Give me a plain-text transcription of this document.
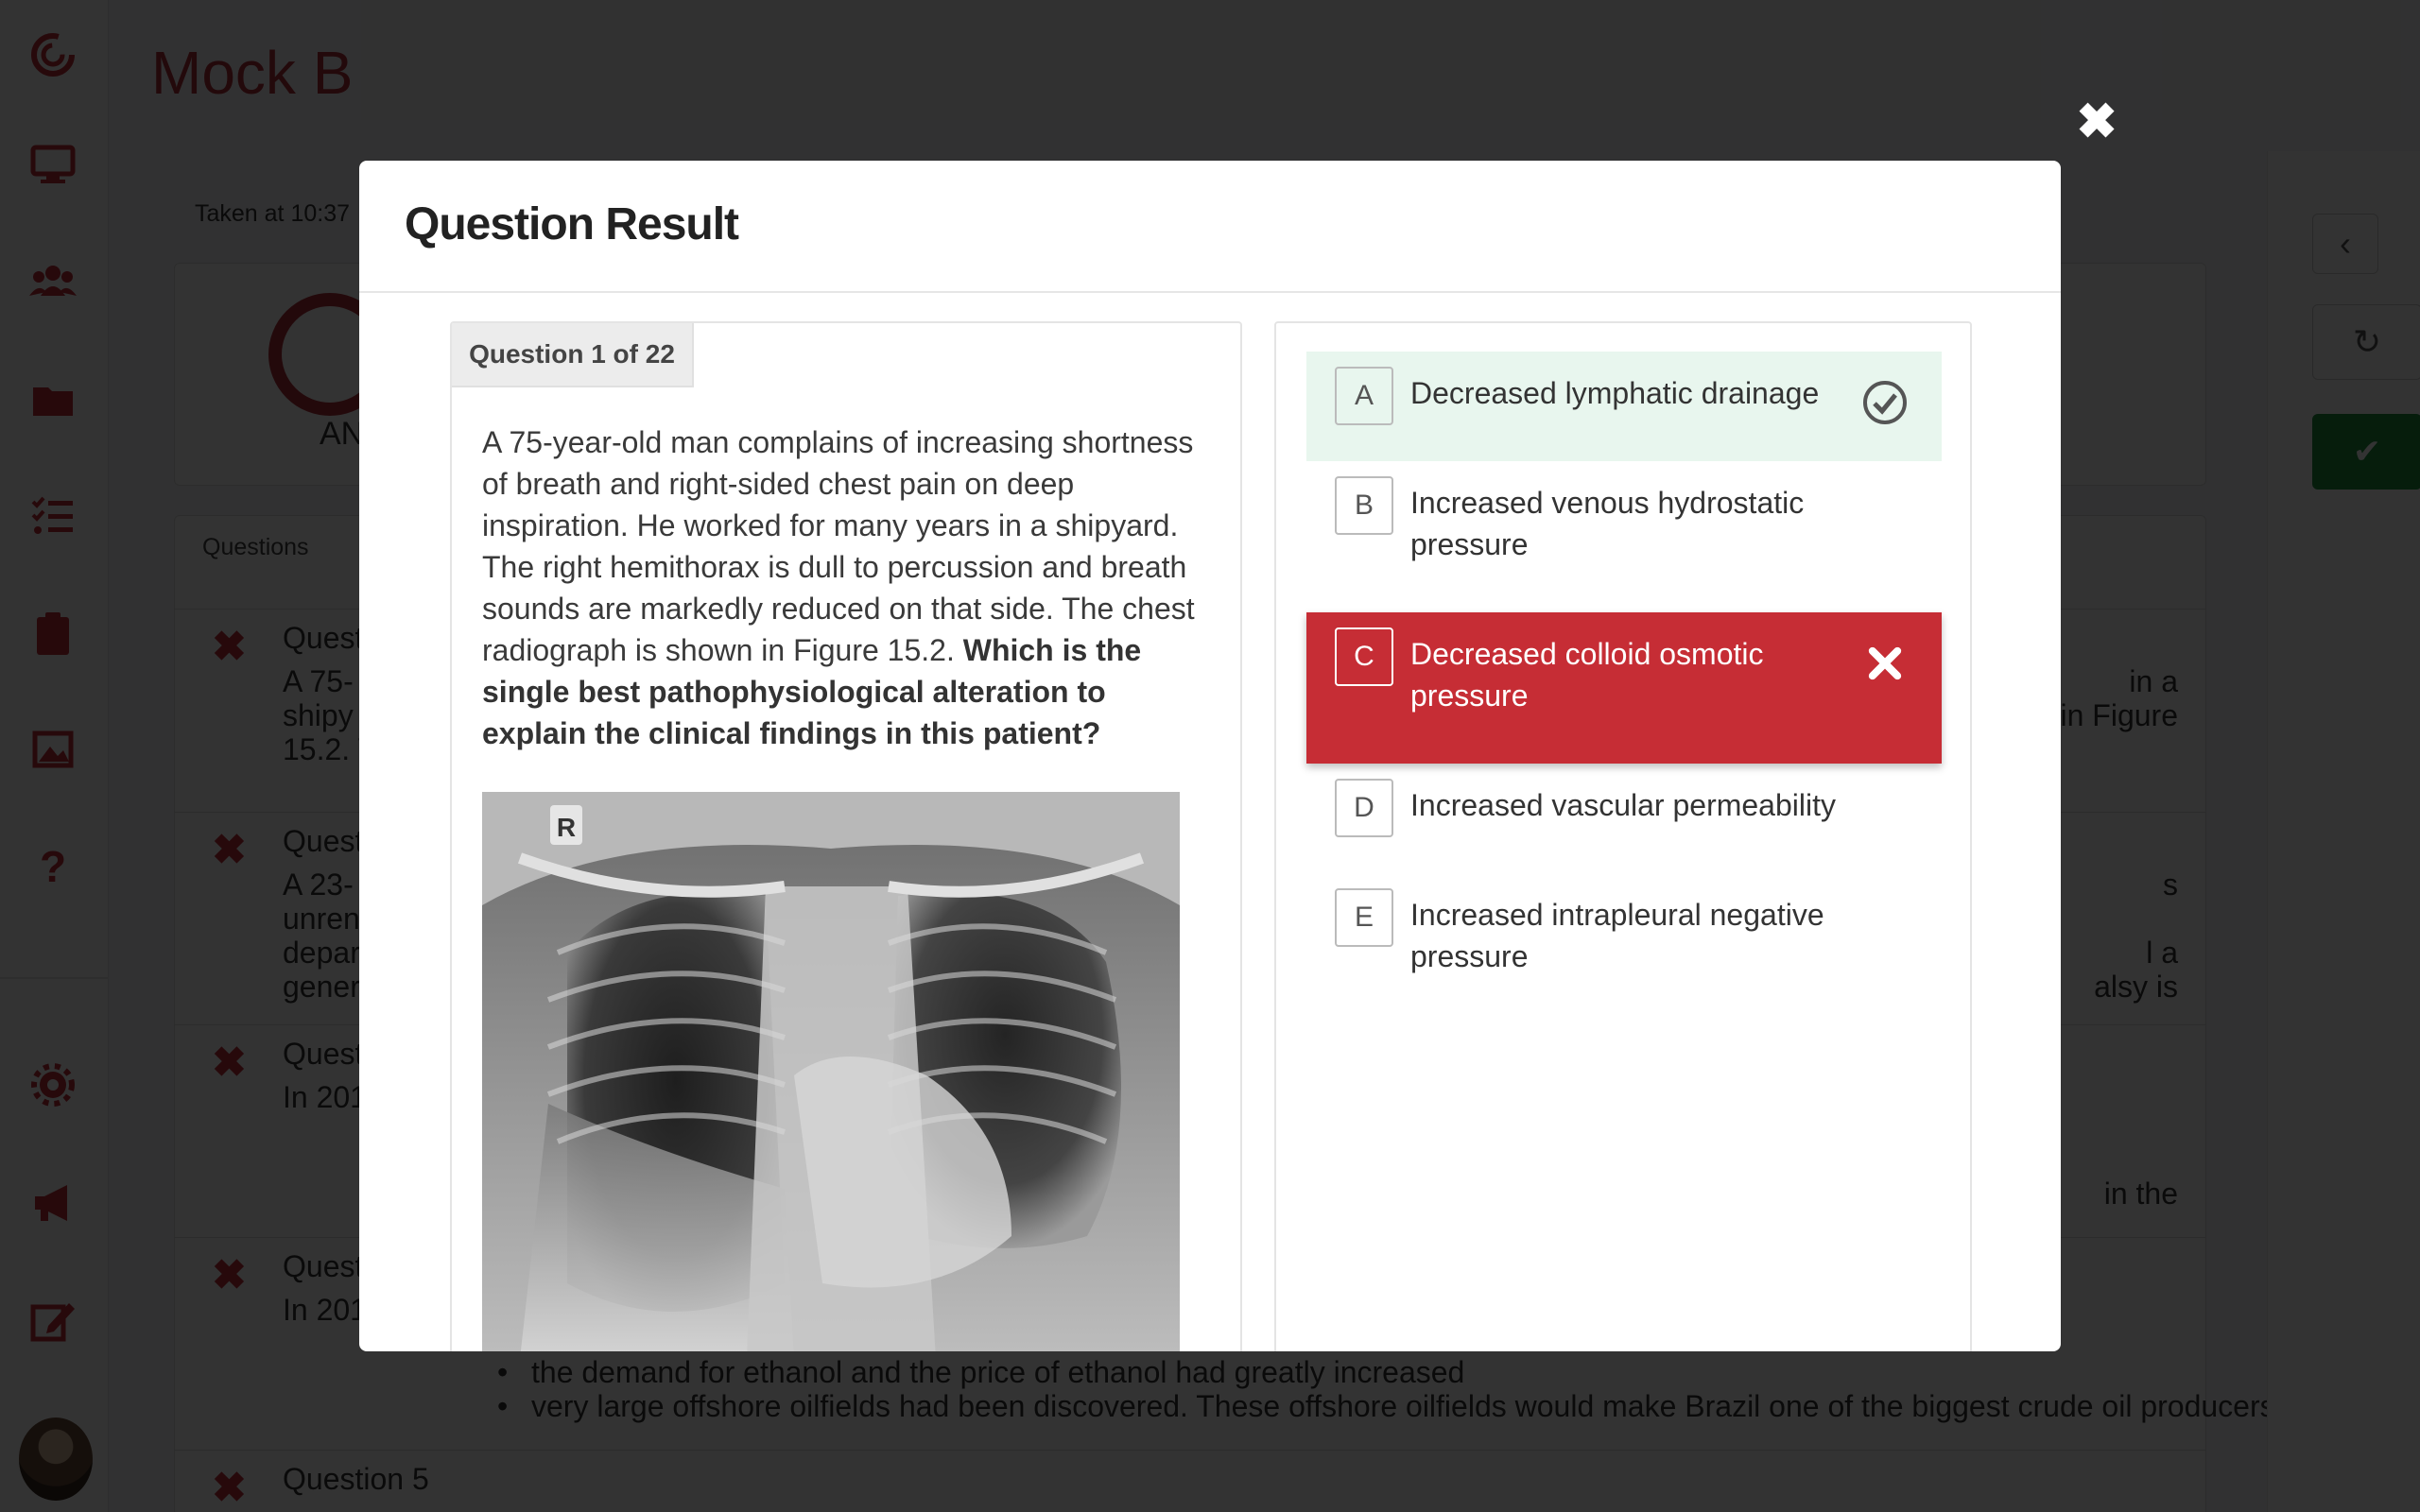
•
•
✖
Question Result
Question 1 of 22
A 75-year-old man complains of increasing shortness of breath and right-sided chest pain on deep inspiration. He worked for many years in a shipyard. The right hemithorax is dull to percussion and breath sounds are markedly reduced on that side. The chest radiograph is shown in Figure 15.2. Which is the single best pathophysiological alteration to explain the clinical findings in this patient?
R
A	Decreased lymphatic drainage
B	Increased venous hydrostatic pressure
C	Decreased colloid osmotic pressure
D	Increased vascular permeability
E	Increased intrapleural negative pressure
